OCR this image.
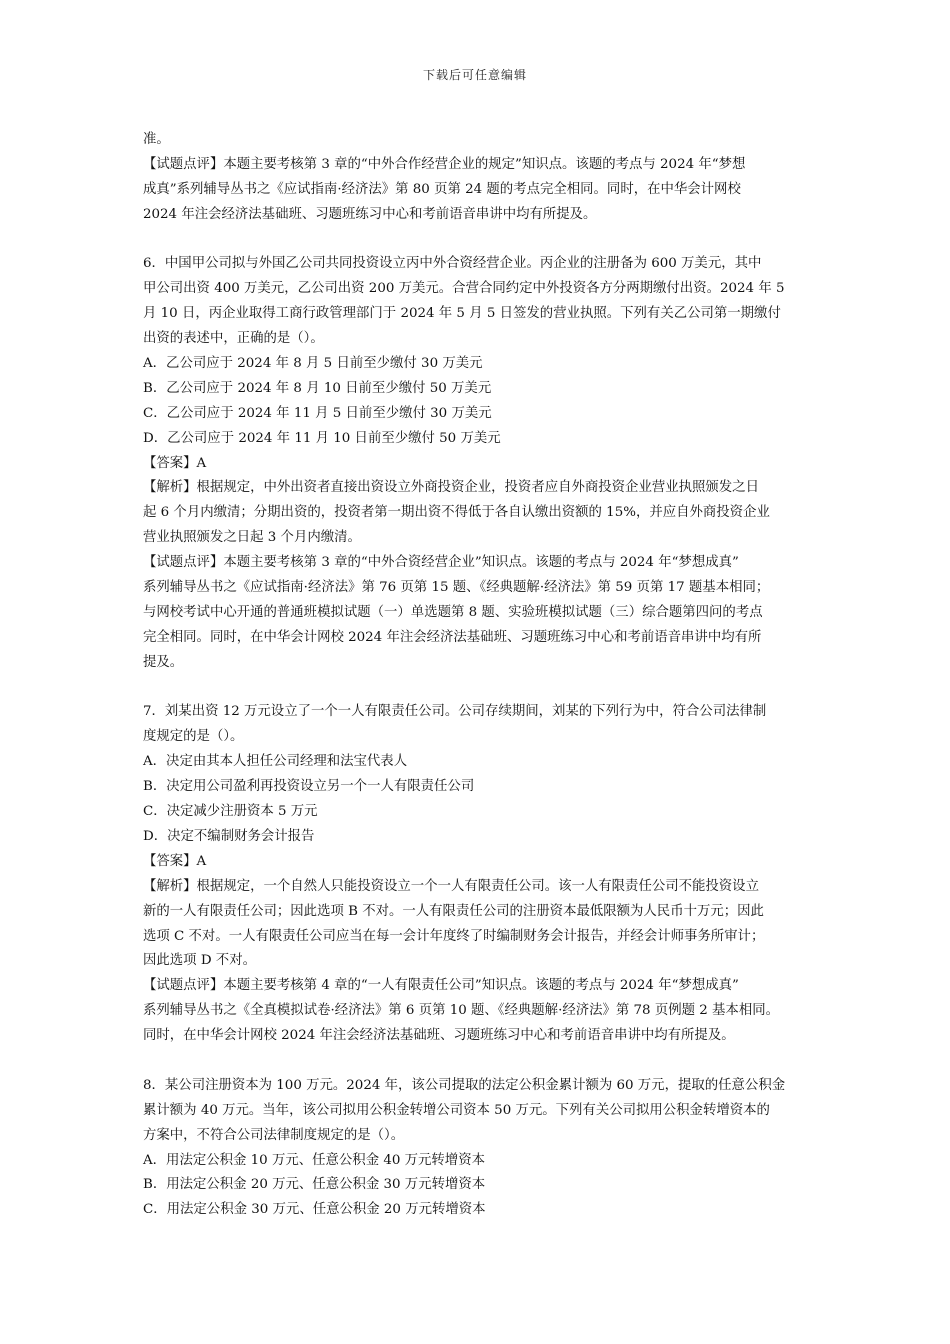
下载后可任意编辑
准。
【试题点评】本题主要考核第 3 章的“中外合作经营企业的规定”知识点。该题的考点与 2024 年“梦想
成真”系列辅导丛书之《应试指南·经济法》第 80 页第 24 题的考点完全相同。同时，在中华会计网校
2024 年注会经济法基础班、习题班练习中心和考前语音串讲中均有所提及。
6．中国甲公司拟与外国乙公司共同投资设立丙中外合资经营企业。丙企业的注册备为 600 万美元，其中
甲公司出资 400 万美元，乙公司出资 200 万美元。合营合同约定中外投资各方分两期缴付出资。2024 年 5
月 10 日，丙企业取得工商行政管理部门于 2024 年 5 月 5 日签发的营业执照。下列有关乙公司第一期缴付
出资的表述中，正确的是（）。
A．乙公司应于 2024 年 8 月 5 日前至少缴付 30 万美元
B．乙公司应于 2024 年 8 月 10 日前至少缴付 50 万美元
C．乙公司应于 2024 年 11 月 5 日前至少缴付 30 万美元
D．乙公司应于 2024 年 11 月 10 日前至少缴付 50 万美元
【答案】A
【解析】根据规定，中外出资者直接出资设立外商投资企业，投资者应自外商投资企业营业执照颁发之日
起 6 个月内缴清；分期出资的，投资者第一期出资不得低于各自认缴出资额的 15%，并应自外商投资企业
营业执照颁发之日起 3 个月内缴清。
【试题点评】本题主要考核第 3 章的“中外合资经营企业”知识点。该题的考点与 2024 年“梦想成真”
系列辅导丛书之《应试指南·经济法》第 76 页第 15 题、《经典题解·经济法》第 59 页第 17 题基本相同；
与网校考试中心开通的普通班模拟试题（一）单选题第 8 题、实验班模拟试题（三）综合题第四问的考点
完全相同。同时，在中华会计网校 2024 年注会经济法基础班、习题班练习中心和考前语音串讲中均有所
提及。
7．刘某出资 12 万元设立了一个一人有限责任公司。公司存续期间，刘某的下列行为中，符合公司法律制
度规定的是（）。
A．决定由其本人担任公司经理和法宝代表人
B．决定用公司盈利再投资设立另一个一人有限责任公司
C．决定减少注册资本 5 万元
D．决定不编制财务会计报告
【答案】A
【解析】根据规定，一个自然人只能投资设立一个一人有限责任公司。该一人有限责任公司不能投资设立
新的一人有限责任公司；因此选项 B 不对。一人有限责任公司的注册资本最低限额为人民币十万元；因此
选项 C 不对。一人有限责任公司应当在每一会计年度终了时编制财务会计报告，并经会计师事务所审计；
因此选项 D 不对。
【试题点评】本题主要考核第 4 章的“一人有限责任公司”知识点。该题的考点与 2024 年“梦想成真”
系列辅导丛书之《全真模拟试卷·经济法》第 6 页第 10 题、《经典题解·经济法》第 78 页例题 2 基本相同。
同时，在中华会计网校 2024 年注会经济法基础班、习题班练习中心和考前语音串讲中均有所提及。
8．某公司注册资本为 100 万元。2024 年，该公司提取的法定公积金累计额为 60 万元，提取的任意公积金
累计额为 40 万元。当年，该公司拟用公积金转增公司资本 50 万元。下列有关公司拟用公积金转增资本的
方案中，不符合公司法律制度规定的是（）。
A．用法定公积金 10 万元、任意公积金 40 万元转增资本
B．用法定公积金 20 万元、任意公积金 30 万元转增资本
C．用法定公积金 30 万元、任意公积金 20 万元转增资本
